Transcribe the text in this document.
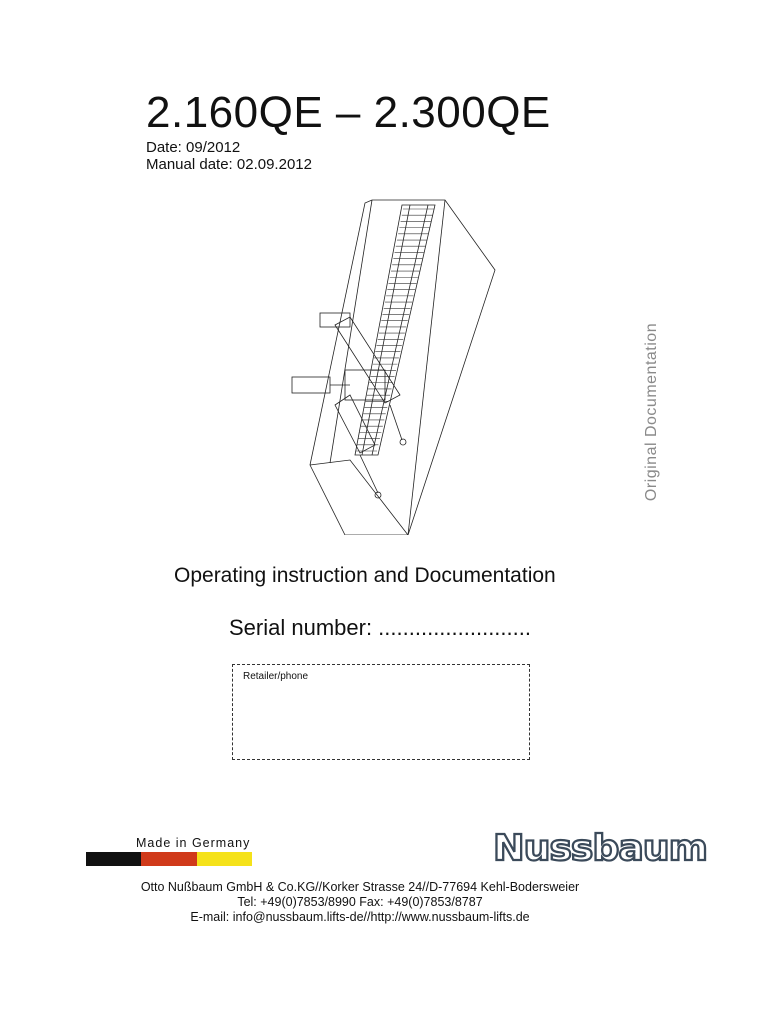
2.160QE – 2.300QE
Date: 09/2012
Manual date: 02.09.2012
Original Documentation
Operating instruction and Documentation
Serial number: .........................
Retailer/phone
Made in Germany	Nussbaum
Otto Nußbaum GmbH & Co.KG//Korker Strasse 24//D-77694 Kehl-Bodersweier
Tel: +49(0)7853/8990 Fax: +49(0)7853/8787
E-mail: info@nussbaum.lifts-de//http://www.nussbaum-lifts.de
